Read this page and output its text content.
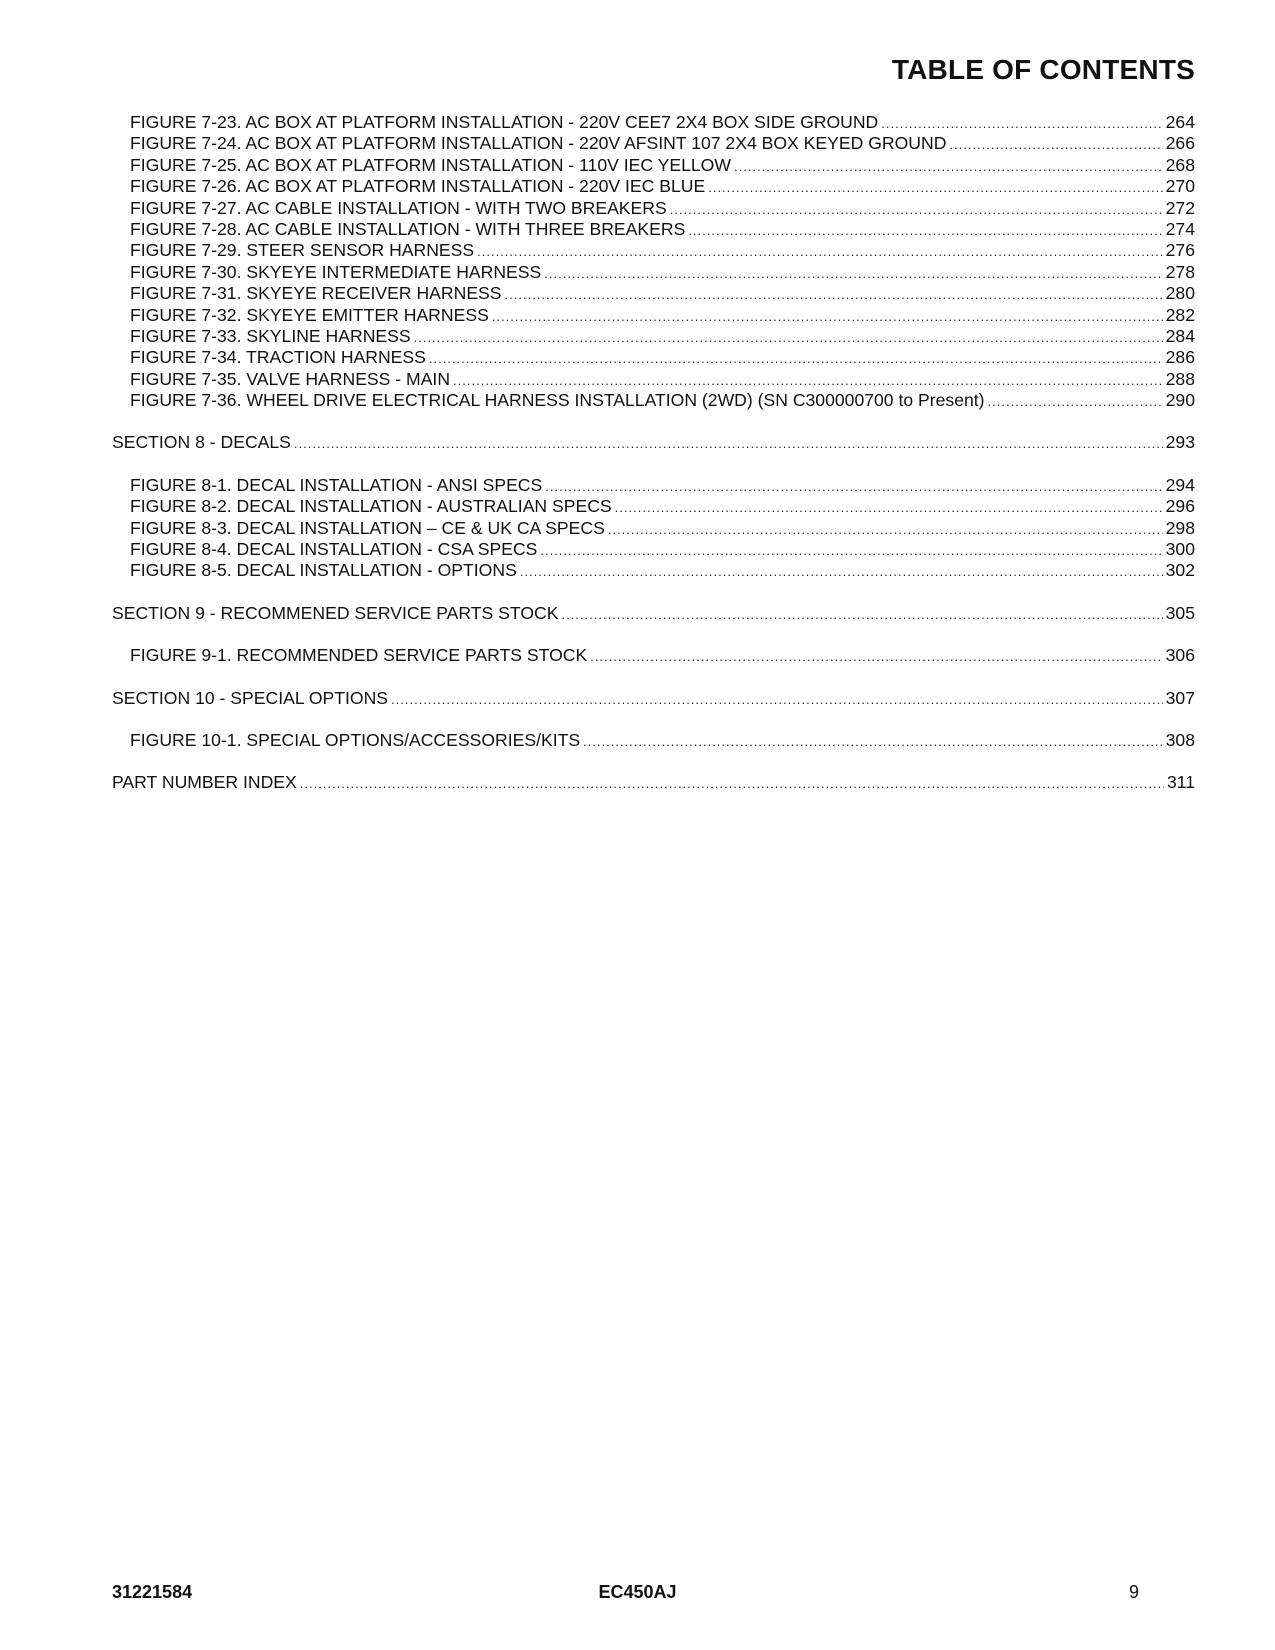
TABLE OF CONTENTS
FIGURE 7-23. AC BOX AT PLATFORM INSTALLATION - 220V CEE7 2X4 BOX SIDE GROUND .....	264
FIGURE 7-24. AC BOX AT PLATFORM INSTALLATION - 220V AFSINT 107 2X4 BOX KEYED GROUND .....	266
FIGURE 7-25. AC BOX AT PLATFORM INSTALLATION - 110V IEC YELLOW .....	268
FIGURE 7-26. AC BOX AT PLATFORM INSTALLATION - 220V IEC BLUE .....	270
FIGURE 7-27. AC CABLE INSTALLATION - WITH TWO BREAKERS .....	272
FIGURE 7-28. AC CABLE INSTALLATION - WITH THREE BREAKERS .....	274
FIGURE 7-29. STEER SENSOR HARNESS .....	276
FIGURE 7-30. SKYEYE INTERMEDIATE HARNESS .....	278
FIGURE 7-31. SKYEYE RECEIVER HARNESS .....	280
FIGURE 7-32. SKYEYE EMITTER HARNESS .....	282
FIGURE 7-33. SKYLINE HARNESS .....	284
FIGURE 7-34. TRACTION HARNESS .....	286
FIGURE 7-35. VALVE HARNESS - MAIN .....	288
FIGURE 7-36. WHEEL DRIVE ELECTRICAL HARNESS INSTALLATION (2WD) (SN C300000700 to Present) .....	290
SECTION 8 - DECALS .....	293
FIGURE 8-1. DECAL INSTALLATION - ANSI SPECS .....	294
FIGURE 8-2. DECAL INSTALLATION - AUSTRALIAN SPECS .....	296
FIGURE 8-3. DECAL INSTALLATION – CE & UK CA SPECS .....	298
FIGURE 8-4. DECAL INSTALLATION - CSA SPECS .....	300
FIGURE 8-5. DECAL INSTALLATION - OPTIONS .....	302
SECTION 9 - RECOMMENED SERVICE PARTS STOCK .....	305
FIGURE 9-1. RECOMMENDED SERVICE PARTS STOCK .....	306
SECTION 10 - SPECIAL OPTIONS .....	307
FIGURE 10-1. SPECIAL OPTIONS/ACCESSORIES/KITS .....	308
PART NUMBER INDEX .....	311
31221584	EC450AJ	9
